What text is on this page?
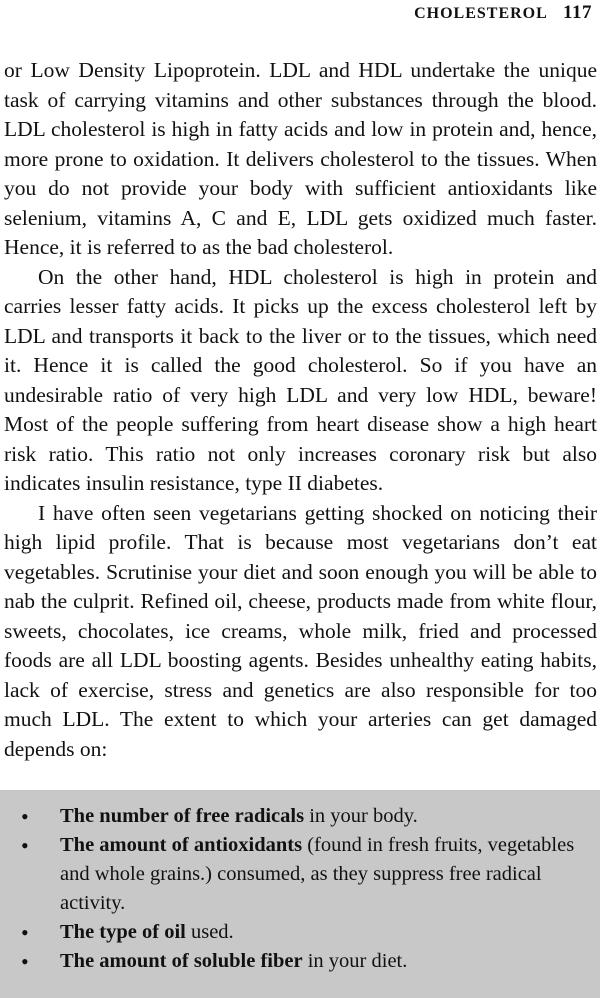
CHOLESTEROL 117

or Low Density Lipoprotein. LDL and HDL undertake the unique task of carrying vitamins and other substances through the blood. LDL cholesterol is high in fatty acids and low in protein and, hence, more prone to oxidation. It delivers cholesterol to the tissues. When you do not provide your body with sufficient antioxidants like selenium, vitamins A, C and E, LDL gets oxidized much faster. Hence, it is referred to as the bad cholesterol.

On the other hand, HDL cholesterol is high in protein and carries lesser fatty acids. It picks up the excess cholesterol left by LDL and transports it back to the liver or to the tissues, which need it. Hence it is called the good cholesterol. So if you have an undesirable ratio of very high LDL and very low HDL, beware! Most of the people suffering from heart disease show a high heart risk ratio. This ratio not only increases coronary risk but also indicates insulin resistance, type II diabetes.

I have often seen vegetarians getting shocked on noticing their high lipid profile. That is because most vegetarians don’t eat vegetables. Scrutinise your diet and soon enough you will be able to nab the culprit. Refined oil, cheese, products made from white flour, sweets, chocolates, ice creams, whole milk, fried and processed foods are all LDL boosting agents. Besides unhealthy eating habits, lack of exercise, stress and genetics are also responsible for too much LDL. The extent to which your arteries can get damaged depends on:

• The number of free radicals in your body.
• The amount of antioxidants (found in fresh fruits, vegetables and whole grains.) consumed, as they suppress free radical activity.
• The type of oil used.
• The amount of soluble fiber in your diet.
